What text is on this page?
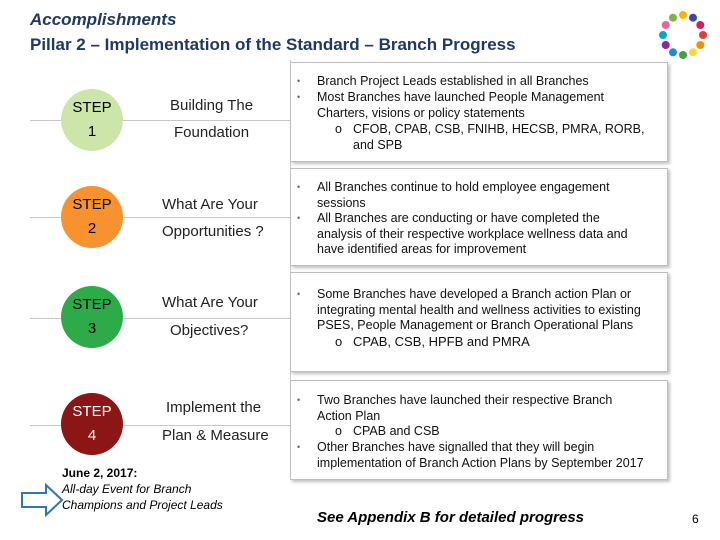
Accomplishments
Pillar 2 – Implementation of the Standard – Branch Progress
STEP
1
STEP
2
STEP
3
STEP
4
Building The
Foundation
What Are Your
Opportunities ?
What Are Your
Objectives?
Implement the
Plan & Measure
• Branch Project Leads established in all Branches
• Most Branches have launched People Management Charters, visions or policy statements
o CFOB, CPAB, CSB, FNIHB, HECSB, PMRA, RORB, and SPB
• All Branches continue to hold employee engagement sessions
• All Branches are conducting or have completed the analysis of their respective workplace wellness data and have identified areas for improvement
• Some Branches have developed a Branch action Plan or integrating mental health and wellness activities to existing PSES, People Management or Branch Operational Plans
o CPAB, CSB, HPFB and PMRA
• Two Branches have launched their respective Branch Action Plan
o CPAB and CSB
• Other Branches have signalled that they will begin implementation of Branch Action Plans by September 2017
June 2, 2017:
All-day Event for Branch
Champions and Project Leads
See Appendix B for detailed progress	6
